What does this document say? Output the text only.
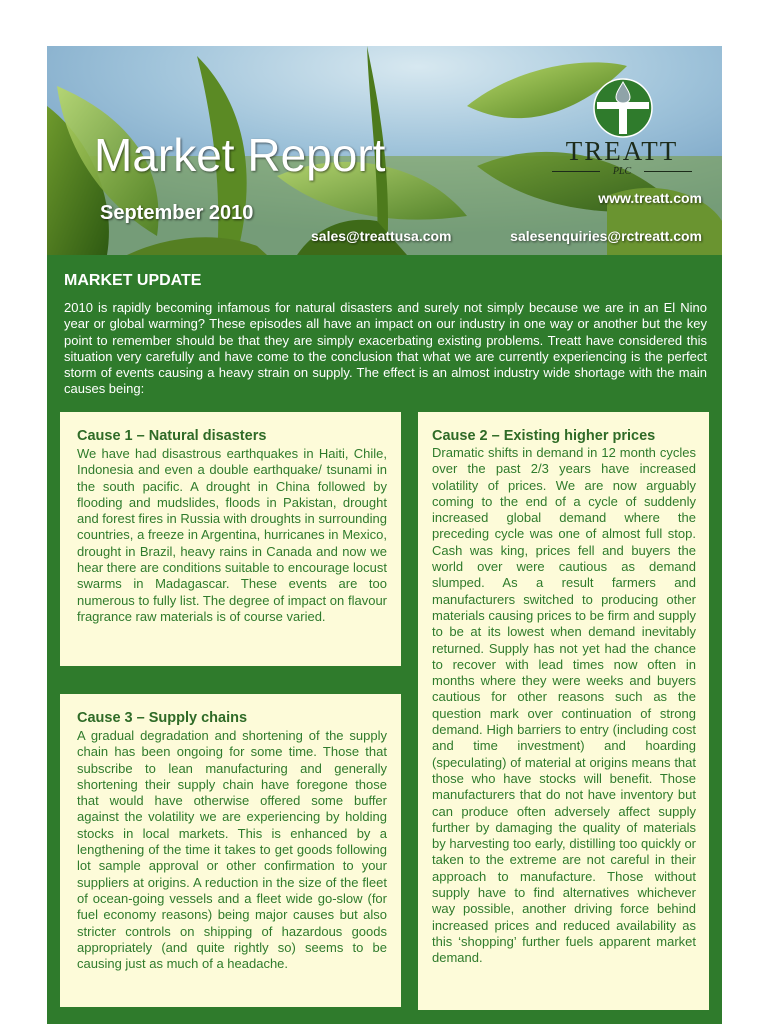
Market Report
September 2010
www.treatt.com
sales@treattusa.com	salesenquiries@rctreatt.com
TREATT
PLC
MARKET UPDATE
2010 is rapidly becoming infamous for natural disasters and surely not simply because we are in an El Nino year or global warming? These episodes all have an impact on our industry in one way or another but the key point to remember should be that they are simply exacerbating existing problems. Treatt have considered this situation very carefully and have come to the conclusion that what we are currently experiencing is the perfect storm of events causing a heavy strain on supply. The effect is an almost industry wide shortage with the main causes being:
Cause 1 – Natural disasters

We have had disastrous earthquakes in Haiti, Chile, Indonesia and even a double earthquake/ tsunami in the south pacific. A drought in China followed by flooding and mudslides, floods in Pakistan, drought and forest fires in Russia with droughts in surrounding countries, a freeze in Argentina, hurricanes in Mexico, drought in Brazil, heavy rains in Canada and now we hear there are conditions suitable to encourage locust swarms in Madagascar. These events are too numerous to fully list. The degree of impact on flavour fragrance raw materials is of course varied.

Cause 2 – Existing higher prices

Dramatic shifts in demand in 12 month cycles over the past 2/3 years have increased volatility of prices. We are now arguably coming to the end of a cycle of suddenly increased global demand where the preceding cycle was one of almost full stop. Cash was king, prices fell and buyers the world over were cautious as demand slumped. As a result farmers and manufacturers switched to producing other materials causing prices to be firm and supply to be at its lowest when demand inevitably returned. Supply has not yet had the chance to recover with lead times now often in months where they were weeks and buyers cautious for other reasons such as the question mark over continuation of strong demand. High barriers to entry (including cost and time investment) and hoarding (speculating) of material at origins means that those who have stocks will benefit. Those manufacturers that do not have inventory but can produce often adversely affect supply further by damaging the quality of materials by harvesting too early, distilling too quickly or taken to the extreme are not careful in their approach to manufacture. Those without supply have to find alternatives whichever way possible, another driving force behind increased prices and reduced availability as this ‘shopping’ further fuels apparent market demand.

Cause 3 – Supply chains

A gradual degradation and shortening of the supply chain has been ongoing for some time. Those that subscribe to lean manufacturing and generally shortening their supply chain have foregone those that would have otherwise offered some buffer against the volatility we are experiencing by holding stocks in local markets. This is enhanced by a lengthening of the time it takes to get goods following lot sample approval or other confirmation to your suppliers at origins. A reduction in the size of the fleet of ocean-going vessels and a fleet wide go-slow (for fuel economy reasons) being major causes but also stricter controls on shipping of hazardous goods appropriately (and quite rightly so) seems to be causing just as much of a headache.
